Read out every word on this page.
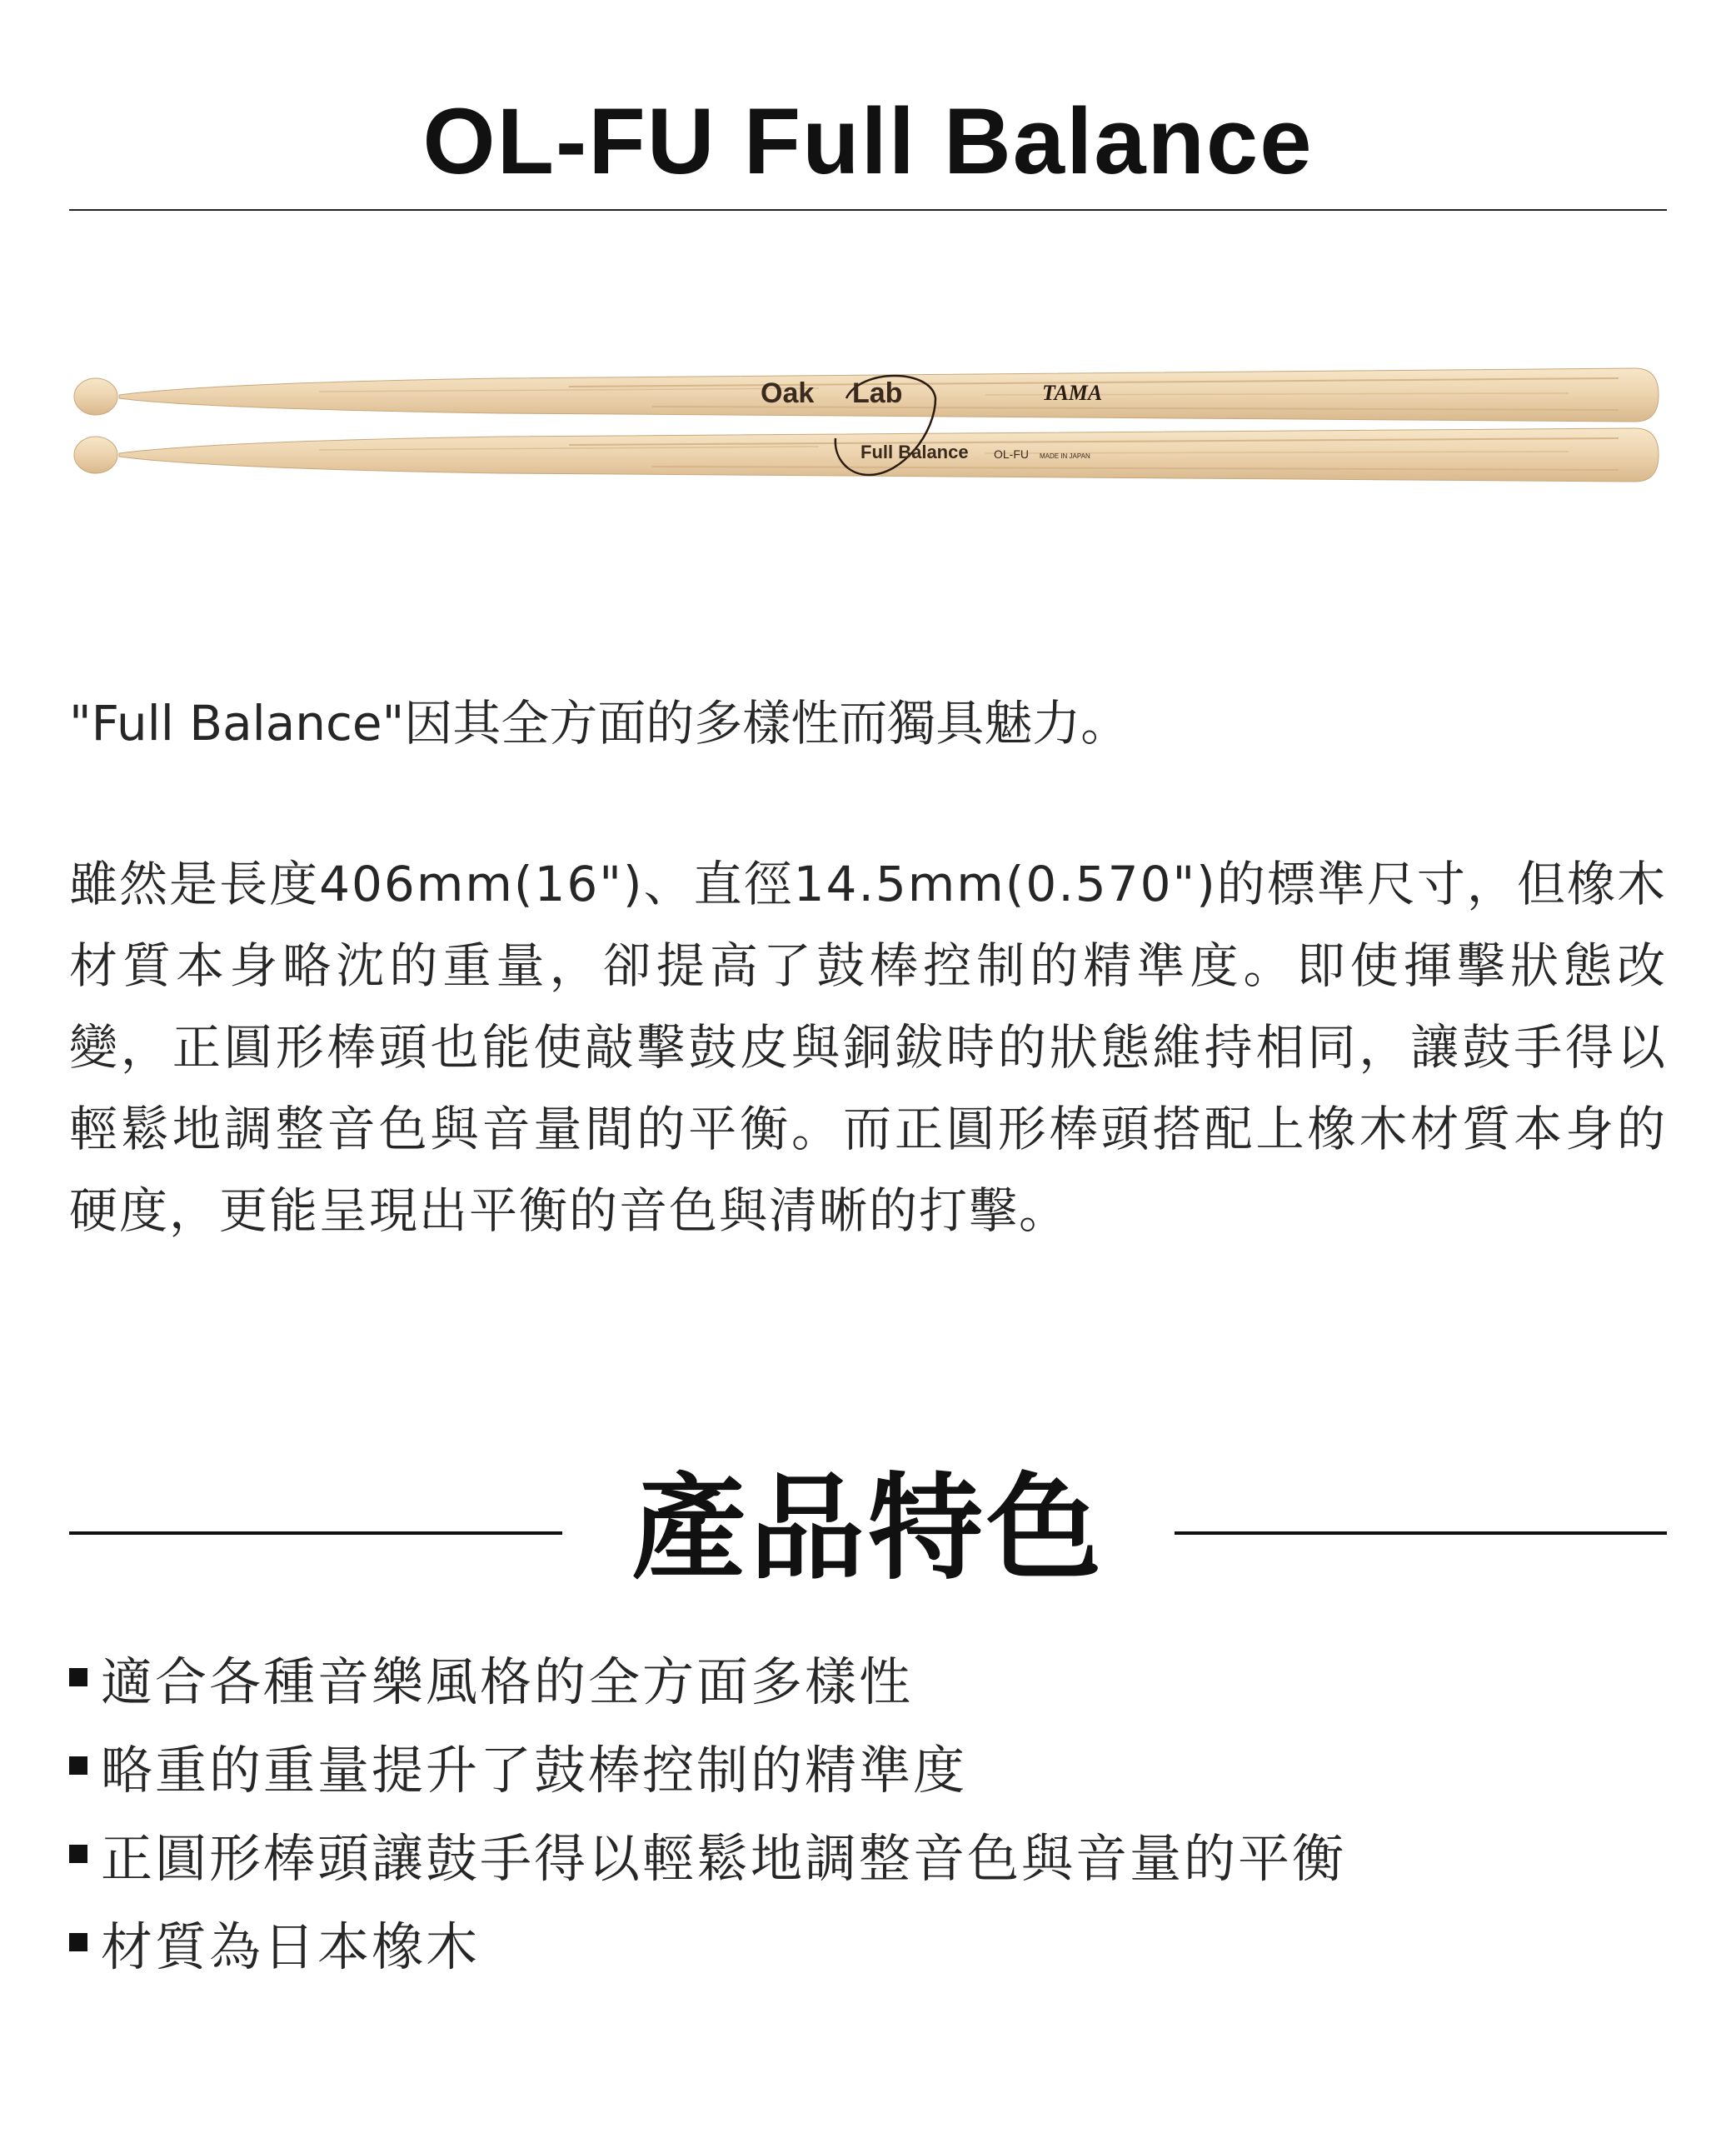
OL-FU Full Balance
Oak Lab	TAMA
Full Balance OL-FU MADE IN JAPAN
"Full Balance"因其全方面的多樣性而獨具魅力。
雖然是長度406mm(16")、直徑14.5mm(0.570")的標準尺寸，但橡木材質本身略沈的重量，卻提高了鼓棒控制的精準度。即使揮擊狀態改變，正圓形棒頭也能使敲擊鼓皮與銅鈸時的狀態維持相同，讓鼓手得以輕鬆地調整音色與音量間的平衡。而正圓形棒頭搭配上橡木材質本身的硬度，更能呈現出平衡的音色與清晰的打擊。
產品特色
適合各種音樂風格的全方面多樣性
略重的重量提升了鼓棒控制的精準度
正圓形棒頭讓鼓手得以輕鬆地調整音色與音量的平衡
材質為日本橡木
